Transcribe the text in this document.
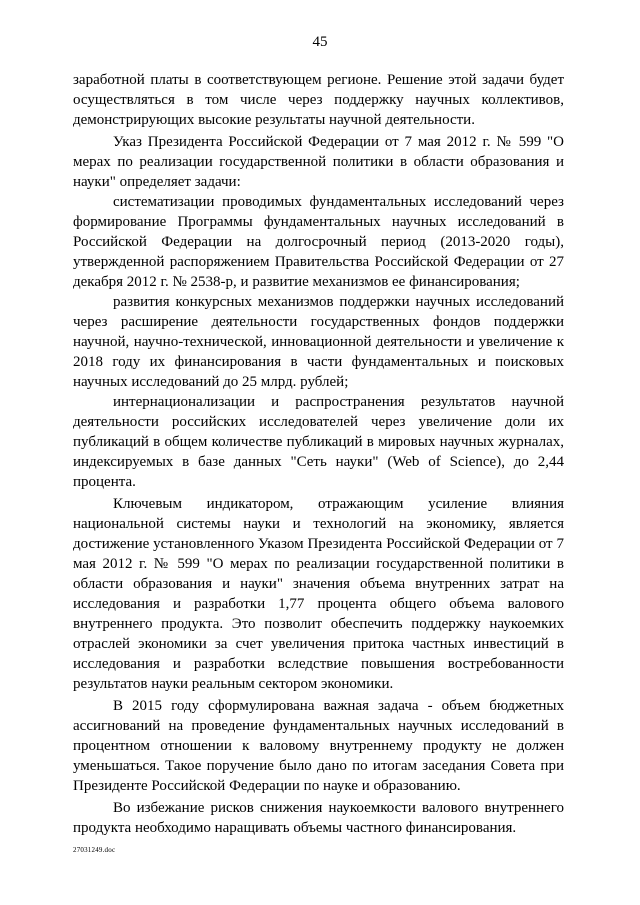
45

заработной платы в соответствующем регионе. Решение этой задачи будет осуществляться в том числе через поддержку научных коллективов, демонстрирующих высокие результаты научной деятельности.

Указ Президента Российской Федерации от 7 мая 2012 г. № 599 "О мерах по реализации государственной политики в области образования и науки" определяет задачи:

систематизации проводимых фундаментальных исследований через формирование Программы фундаментальных научных исследований в Российской Федерации на долгосрочный период (2013-2020 годы), утвержденной распоряжением Правительства Российской Федерации от 27 декабря 2012 г. № 2538-р, и развитие механизмов ее финансирования;

развития конкурсных механизмов поддержки научных исследований через расширение деятельности государственных фондов поддержки научной, научно-технической, инновационной деятельности и увеличение к 2018 году их финансирования в части фундаментальных и поисковых научных исследований до 25 млрд. рублей;

интернационализации и распространения результатов научной деятельности российских исследователей через увеличение доли их публикаций в общем количестве публикаций в мировых научных журналах, индексируемых в базе данных "Сеть науки" (Web of Science), до 2,44 процента.

Ключевым индикатором, отражающим усиление влияния национальной системы науки и технологий на экономику, является достижение установленного Указом Президента Российской Федерации от 7 мая 2012 г. № 599 "О мерах по реализации государственной политики в области образования и науки" значения объема внутренних затрат на исследования и разработки 1,77 процента общего объема валового внутреннего продукта. Это позволит обеспечить поддержку наукоемких отраслей экономики за счет увеличения притока частных инвестиций в исследования и разработки вследствие повышения востребованности результатов науки реальным сектором экономики.

В 2015 году сформулирована важная задача - объем бюджетных ассигнований на проведение фундаментальных научных исследований в процентном отношении к валовому внутреннему продукту не должен уменьшаться. Такое поручение было дано по итогам заседания Совета при Президенте Российской Федерации по науке и образованию.

Во избежание рисков снижения наукоемкости валового внутреннего продукта необходимо наращивать объемы частного финансирования.

27031249.doc
